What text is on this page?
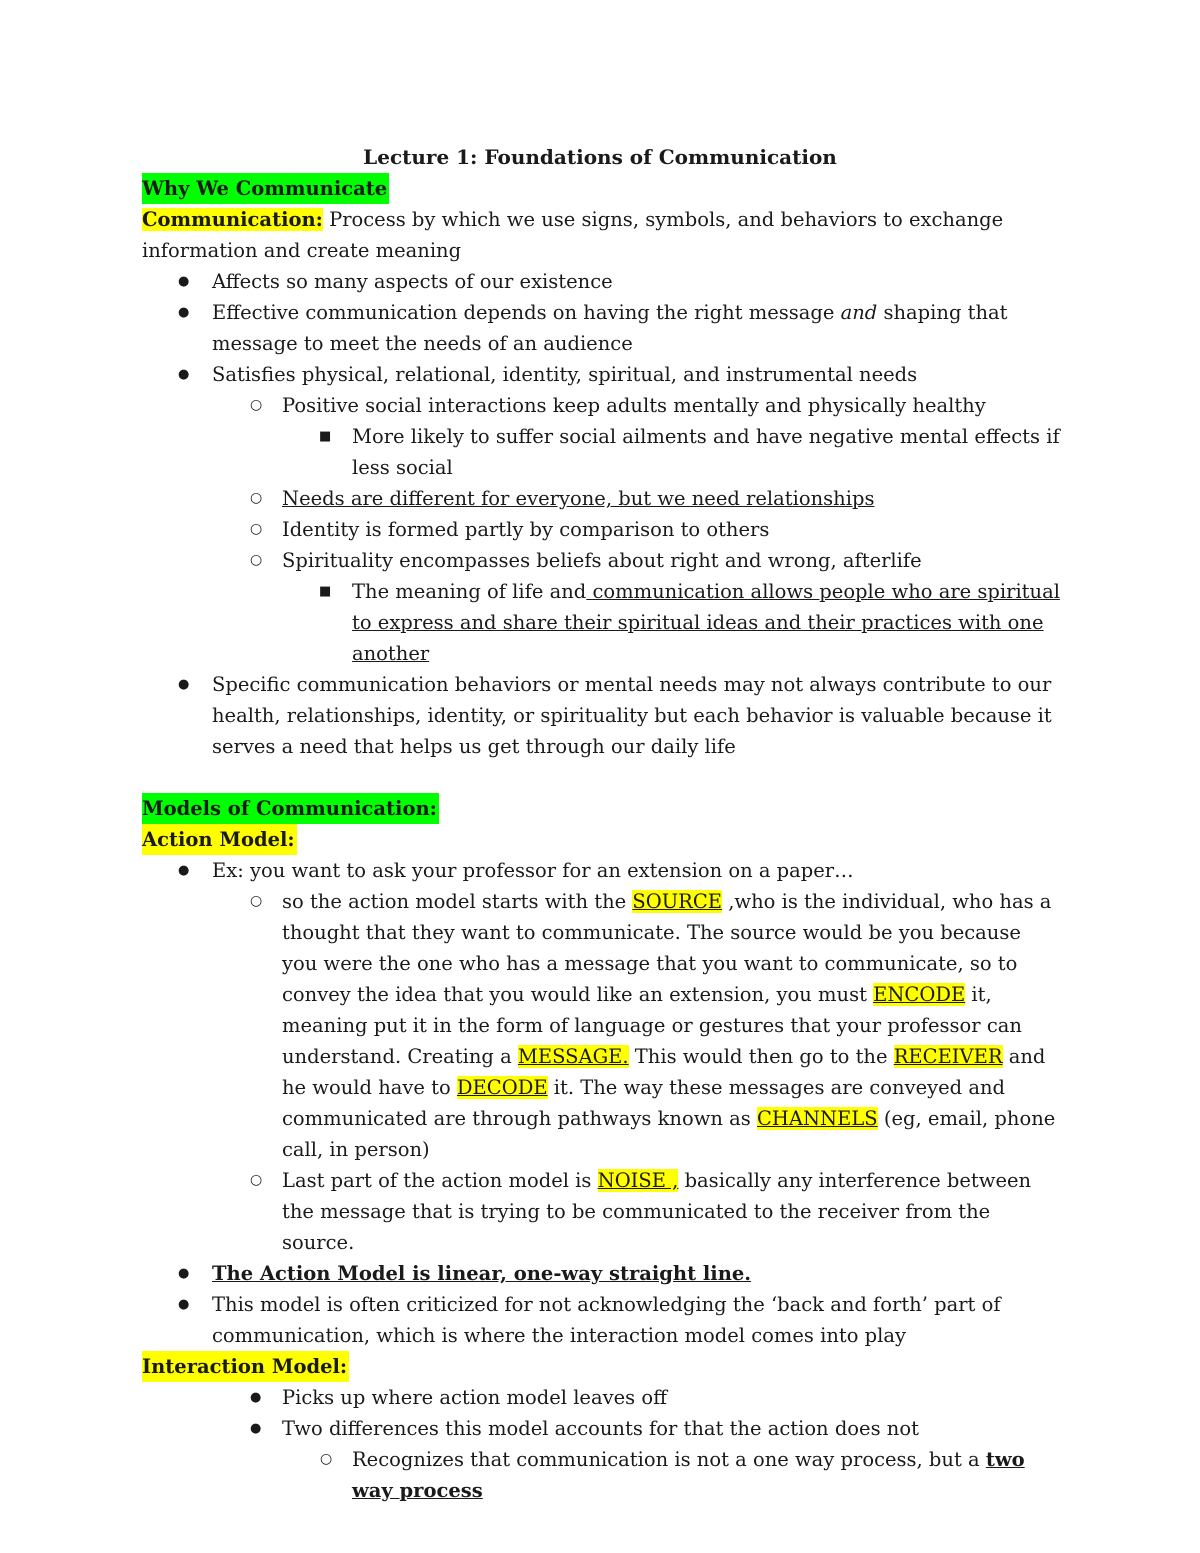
Lecture 1: Foundations of Communication
Why We Communicate
Communication: Process by which we use signs, symbols, and behaviors to exchange information and create meaning
● Affects so many aspects of our existence
● Effective communication depends on having the right message and shaping that message to meet the needs of an audience
● Satisfies physical, relational, identity, spiritual, and instrumental needs
○ Positive social interactions keep adults mentally and physically healthy
■ More likely to suffer social ailments and have negative mental effects if less social
○ Needs are different for everyone, but we need relationships
○ Identity is formed partly by comparison to others
○ Spirituality encompasses beliefs about right and wrong, afterlife
■ The meaning of life and communication allows people who are spiritual to express and share their spiritual ideas and their practices with one another
● Specific communication behaviors or mental needs may not always contribute to our health, relationships, identity, or spirituality but each behavior is valuable because it serves a need that helps us get through our daily life
Models of Communication:
Action Model:
● Ex: you want to ask your professor for an extension on a paper…
○ so the action model starts with the SOURCE ,who is the individual, who has a thought that they want to communicate. The source would be you because you were the one who has a message that you want to communicate, so to convey the idea that you would like an extension, you must ENCODE it, meaning put it in the form of language or gestures that your professor can understand. Creating a MESSAGE. This would then go to the RECEIVER and he would have to DECODE it. The way these messages are conveyed and communicated are through pathways known as CHANNELS (eg, email, phone call, in person)
○ Last part of the action model is NOISE , basically any interference between the message that is trying to be communicated to the receiver from the source.
● The Action Model is linear, one-way straight line.
● This model is often criticized for not acknowledging the ‘back and forth’ part of communication, which is where the interaction model comes into play
Interaction Model:
● Picks up where action model leaves off
● Two differences this model accounts for that the action does not
○ Recognizes that communication is not a one way process, but a two way process
